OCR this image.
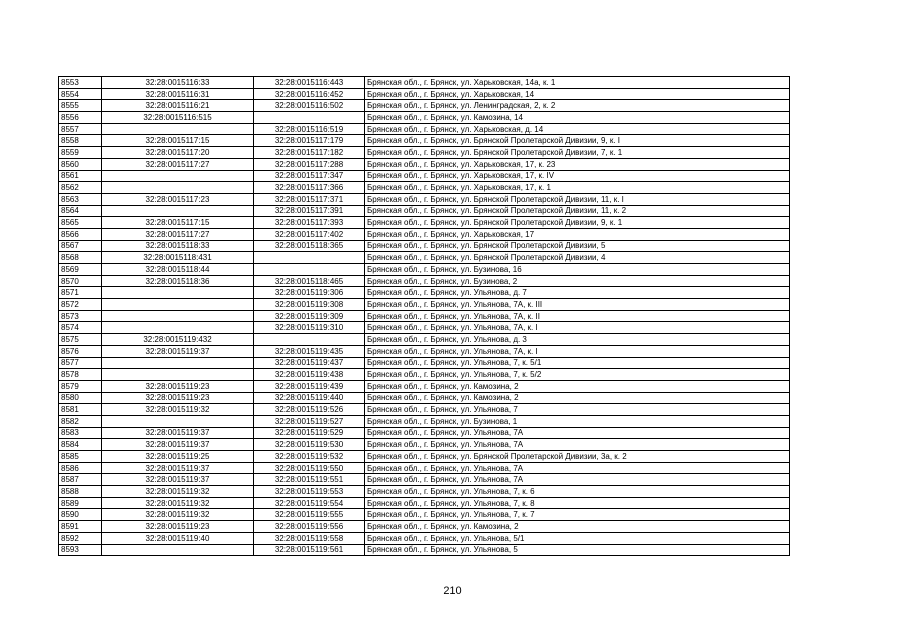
8553	32:28:0015116:33	32:28:0015116:443	Брянская обл., г. Брянск, ул. Харьковская, 14а, к. 1
8554	32:28:0015116:31	32:28:0015116:452	Брянская обл., г. Брянск, ул. Харьковская, 14
8555	32:28:0015116:21	32:28:0015116:502	Брянская обл., г. Брянск, ул. Ленинградская, 2, к. 2
8556	32:28:0015116:515		Брянская обл., г. Брянск, ул. Камозина, 14
8557		32:28:0015116:519	Брянская обл., г. Брянск, ул. Харьковская, д. 14
8558	32:28:0015117:15	32:28:0015117:179	Брянская обл., г. Брянск, ул. Брянской Пролетарской Дивизии, 9, к. I
8559	32:28:0015117:20	32:28:0015117:182	Брянская обл., г. Брянск, ул. Брянской Пролетарской Дивизии, 7, к. 1
8560	32:28:0015117:27	32:28:0015117:288	Брянская обл., г. Брянск, ул. Харьковская, 17, к. 23
8561		32:28:0015117:347	Брянская обл., г. Брянск, ул. Харьковская, 17, к. IV
8562		32:28:0015117:366	Брянская обл., г. Брянск, ул. Харьковская, 17, к. 1
8563	32:28:0015117:23	32:28:0015117:371	Брянская обл., г. Брянск, ул. Брянской Пролетарской Дивизии, 11, к. I
8564		32:28:0015117:391	Брянская обл., г. Брянск, ул. Брянской Пролетарской Дивизии, 11, к. 2
8565	32:28:0015117:15	32:28:0015117:393	Брянская обл., г. Брянск, ул. Брянской Пролетарской Дивизии, 9, к. 1
8566	32:28:0015117:27	32:28:0015117:402	Брянская обл., г. Брянск, ул. Харьковская, 17
8567	32:28:0015118:33	32:28:0015118:365	Брянская обл., г. Брянск, ул. Брянской Пролетарской Дивизии, 5
8568	32:28:0015118:431		Брянская обл., г. Брянск, ул. Брянской Пролетарской Дивизии, 4
8569	32:28:0015118:44		Брянская обл., г. Брянск, ул. Бузинова, 16
8570	32:28:0015118:36	32:28:0015118:465	Брянская обл., г. Брянск, ул. Бузинова, 2
8571		32:28:0015119:306	Брянская обл., г. Брянск, ул. Ульянова, д. 7
8572		32:28:0015119:308	Брянская обл., г. Брянск, ул. Ульянова, 7А, к. III
8573		32:28:0015119:309	Брянская обл., г. Брянск, ул. Ульянова, 7А, к. II
8574		32:28:0015119:310	Брянская обл., г. Брянск, ул. Ульянова, 7А, к. I
8575	32:28:0015119:432		Брянская обл., г. Брянск, ул. Ульянова, д. 3
8576	32:28:0015119:37	32:28:0015119:435	Брянская обл., г. Брянск, ул. Ульянова, 7А, к. I
8577		32:28:0015119:437	Брянская обл., г. Брянск, ул. Ульянова, 7, к. 5/1
8578		32:28:0015119:438	Брянская обл., г. Брянск, ул. Ульянова, 7, к. 5/2
8579	32:28:0015119:23	32:28:0015119:439	Брянская обл., г. Брянск, ул. Камозина, 2
8580	32:28:0015119:23	32:28:0015119:440	Брянская обл., г. Брянск, ул. Камозина, 2
8581	32:28:0015119:32	32:28:0015119:526	Брянская обл., г. Брянск, ул. Ульянова, 7
8582		32:28:0015119:527	Брянская обл., г. Брянск, ул. Бузинова, 1
8583	32:28:0015119:37	32:28:0015119:529	Брянская обл., г. Брянск, ул. Ульянова, 7А
8584	32:28:0015119:37	32:28:0015119:530	Брянская обл., г. Брянск, ул. Ульянова, 7А
8585	32:28:0015119:25	32:28:0015119:532	Брянская обл., г. Брянск, ул. Брянской Пролетарской Дивизии, 3а, к. 2
8586	32:28:0015119:37	32:28:0015119:550	Брянская обл., г. Брянск, ул. Ульянова, 7А
8587	32:28:0015119:37	32:28:0015119:551	Брянская обл., г. Брянск, ул. Ульянова, 7А
8588	32:28:0015119:32	32:28:0015119:553	Брянская обл., г. Брянск, ул. Ульянова, 7, к. 6
8589	32:28:0015119:32	32:28:0015119:554	Брянская обл., г. Брянск, ул. Ульянова, 7, к. 8
8590	32:28:0015119:32	32:28:0015119:555	Брянская обл., г. Брянск, ул. Ульянова, 7, к. 7
8591	32:28:0015119:23	32:28:0015119:556	Брянская обл., г. Брянск, ул. Камозина, 2
8592	32:28:0015119:40	32:28:0015119:558	Брянская обл., г. Брянск, ул. Ульянова, 5/1
8593		32:28:0015119:561	Брянская обл., г. Брянск, ул. Ульянова, 5
210
